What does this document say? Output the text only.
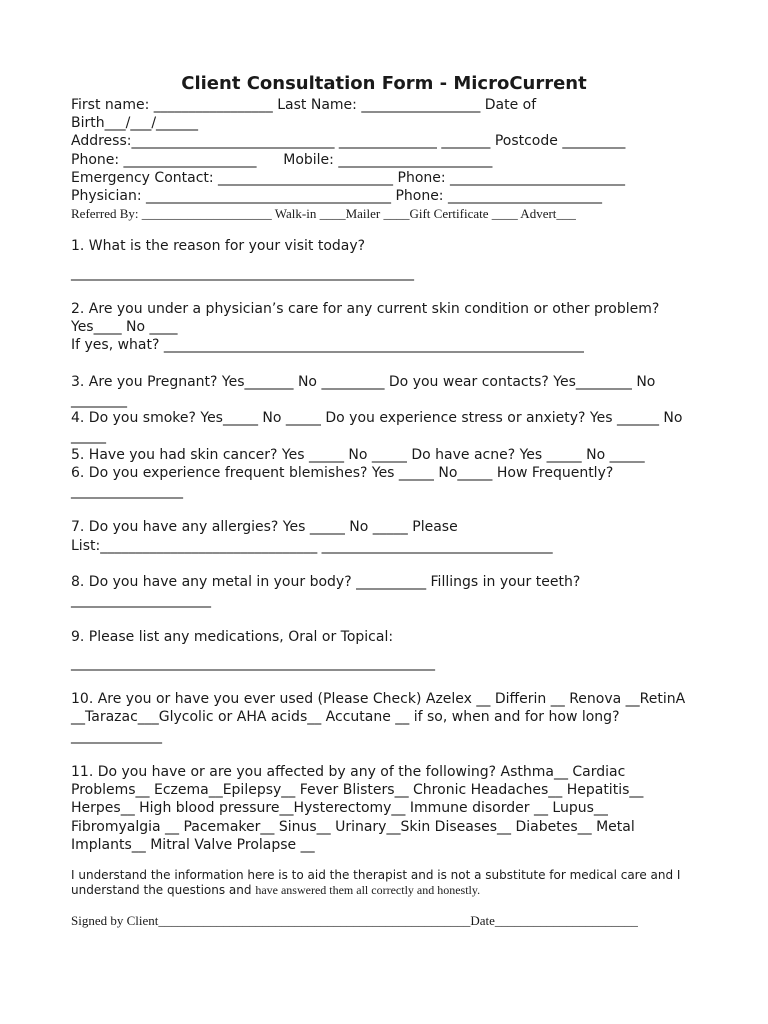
Client Consultation Form - MicroCurrent
First name: _________________ Last Name: _________________ Date of
Birth___/___/______
Address:_____________________________ ______________ _______ Postcode _________
Phone: ___________________      Mobile: ______________________
Emergency Contact: _________________________ Phone: _________________________
Physician: ___________________________________ Phone: ______________________
Referred By: ____________________ Walk-in ____Mailer ____Gift Certificate ____ Advert___
1. What is the reason for your visit today?
_________________________________________________
2. Are you under a physician’s care for any current skin condition or other problem? Yes____ No ____
If yes, what? ____________________________________________________________
3. Are you Pregnant? Yes_______ No _________ Do you wear contacts? Yes________ No ________
4. Do you smoke? Yes_____ No _____ Do you experience stress or anxiety? Yes ______ No _____
5. Have you had skin cancer? Yes _____ No _____ Do have acne? Yes _____ No _____
6. Do you experience frequent blemishes? Yes _____ No_____ How Frequently? ________________
7. Do you have any allergies? Yes _____ No _____ Please List:_______________________________ _________________________________
8. Do you have any metal in your body? __________ Fillings in your teeth? ____________________
9. Please list any medications, Oral or Topical:
____________________________________________________
10. Are you or have you ever used (Please Check) Azelex __ Differin __ Renova __RetinA __Tarazac___Glycolic or AHA acids__ Accutane __ if so, when and for how long? _____________
11. Do you have or are you affected by any of the following? Asthma__ Cardiac Problems__ Eczema__Epilepsy__ Fever Blisters__ Chronic Headaches__ Hepatitis__ Herpes__ High blood pressure__Hysterectomy__ Immune disorder __ Lupus__ Fibromyalgia __ Pacemaker__ Sinus__ Urinary__Skin Diseases__ Diabetes__ Metal Implants__ Mitral Valve Prolapse __
I understand the information here is to aid the therapist and is not a substitute for medical care and I understand the questions and have answered them all correctly and honestly.
Signed by Client________________________________________________Date______________________
